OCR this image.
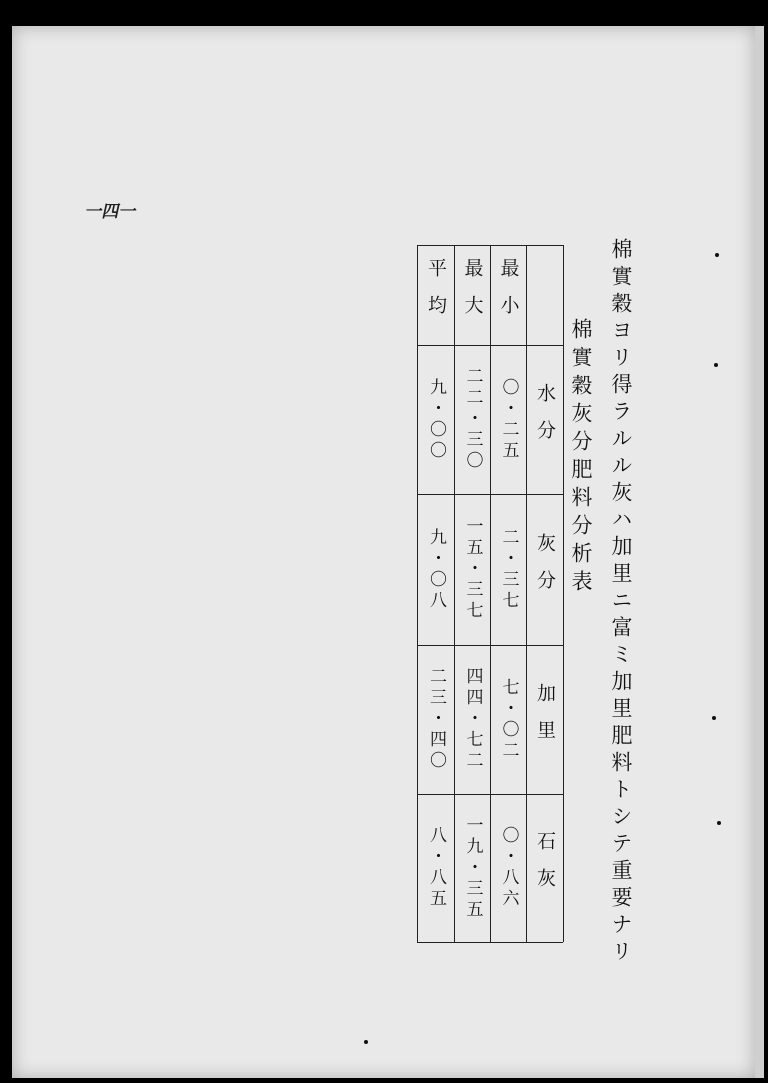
一四一
棉實穀ヨリ得ラルル灰ハ加里ニ富ミ加里肥料トシテ重要ナリ
棉實穀灰分肥料分析表
水分
灰分
加里
石灰
最小
最大
平均
〇・二五
二・三七
七・〇二
〇・八六
二二・三〇
一五・三七
四四・七二
一九・三五
九・〇〇
九・〇八
二三・四〇
八・八五
